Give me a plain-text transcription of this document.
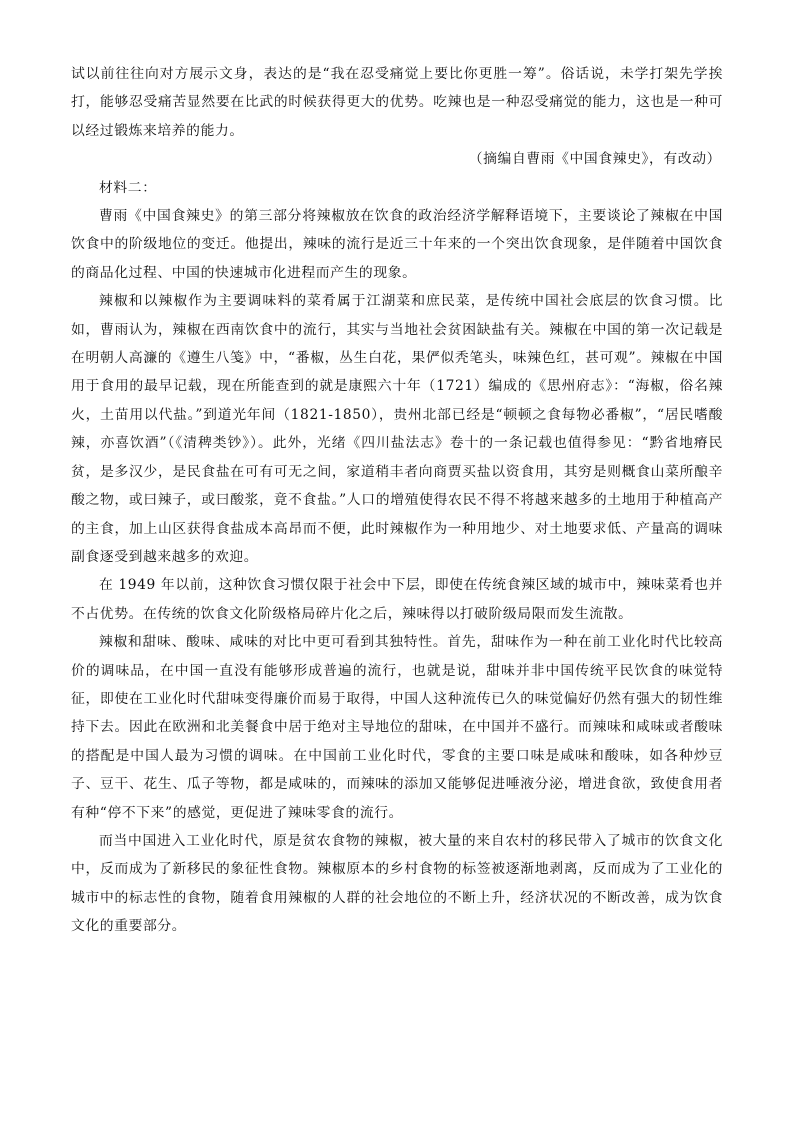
试以前往往向对方展示文身，表达的是“我在忍受痛觉上要比你更胜一筹”。俗话说，未学打架先学挨打，能够忍受痛苦显然要在比武的时候获得更大的优势。吃辣也是一种忍受痛觉的能力，这也是一种可以经过锻炼来培养的能力。

（摘编自曹雨《中国食辣史》，有改动）

材料二：

曹雨《中国食辣史》的第三部分将辣椒放在饮食的政治经济学解释语境下，主要谈论了辣椒在中国饮食中的阶级地位的变迁。他提出，辣味的流行是近三十年来的一个突出饮食现象，是伴随着中国饮食的商品化过程、中国的快速城市化进程而产生的现象。

辣椒和以辣椒作为主要调味料的菜肴属于江湖菜和庶民菜，是传统中国社会底层的饮食习惯。比如，曹雨认为，辣椒在西南饮食中的流行，其实与当地社会贫困缺盐有关。辣椒在中国的第一次记载是在明朝人高濂的《遵生八笺》中，“番椒，丛生白花，果俨似秃笔头，味辣色红，甚可观”。辣椒在中国用于食用的最早记载，现在所能查到的就是康熙六十年（1721）编成的《思州府志》：“海椒，俗名辣火，土苗用以代盐。”到道光年间（1821-1850），贵州北部已经是“顿顿之食每物必番椒”，“居民嗜酸辣，亦喜饮酒”（《清稗类钞》）。此外，光绪《四川盐法志》卷十的一条记载也值得参见：“黔省地瘠民贫，是多汉少，是民食盐在可有可无之间，家道稍丰者向商贾买盐以资食用，其穷是则概食山菜所酿辛酸之物，或曰辣子，或曰酸浆，竟不食盐。”人口的增殖使得农民不得不将越来越多的土地用于种植高产的主食，加上山区获得食盐成本高昂而不便，此时辣椒作为一种用地少、对土地要求低、产量高的调味副食逐受到越来越多的欢迎。

在 1949 年以前，这种饮食习惯仅限于社会中下层，即使在传统食辣区域的城市中，辣味菜肴也并不占优势。在传统的饮食文化阶级格局碎片化之后，辣味得以打破阶级局限而发生流散。

辣椒和甜味、酸味、咸味的对比中更可看到其独特性。首先，甜味作为一种在前工业化时代比较高价的调味品，在中国一直没有能够形成普遍的流行，也就是说，甜味并非中国传统平民饮食的味觉特征，即使在工业化时代甜味变得廉价而易于取得，中国人这种流传已久的味觉偏好仍然有强大的韧性维持下去。因此在欧洲和北美餐食中居于绝对主导地位的甜味，在中国并不盛行。而辣味和咸味或者酸味的搭配是中国人最为习惯的调味。在中国前工业化时代，零食的主要口味是咸味和酸味，如各种炒豆子、豆干、花生、瓜子等物，都是咸味的，而辣味的添加又能够促进唾液分泌，增进食欲，致使食用者有种“停不下来”的感觉，更促进了辣味零食的流行。

而当中国进入工业化时代，原是贫农食物的辣椒，被大量的来自农村的移民带入了城市的饮食文化中，反而成为了新移民的象征性食物。辣椒原本的乡村食物的标签被逐渐地剥离，反而成为了工业化的城市中的标志性的食物，随着食用辣椒的人群的社会地位的不断上升，经济状况的不断改善，成为饮食文化的重要部分。
